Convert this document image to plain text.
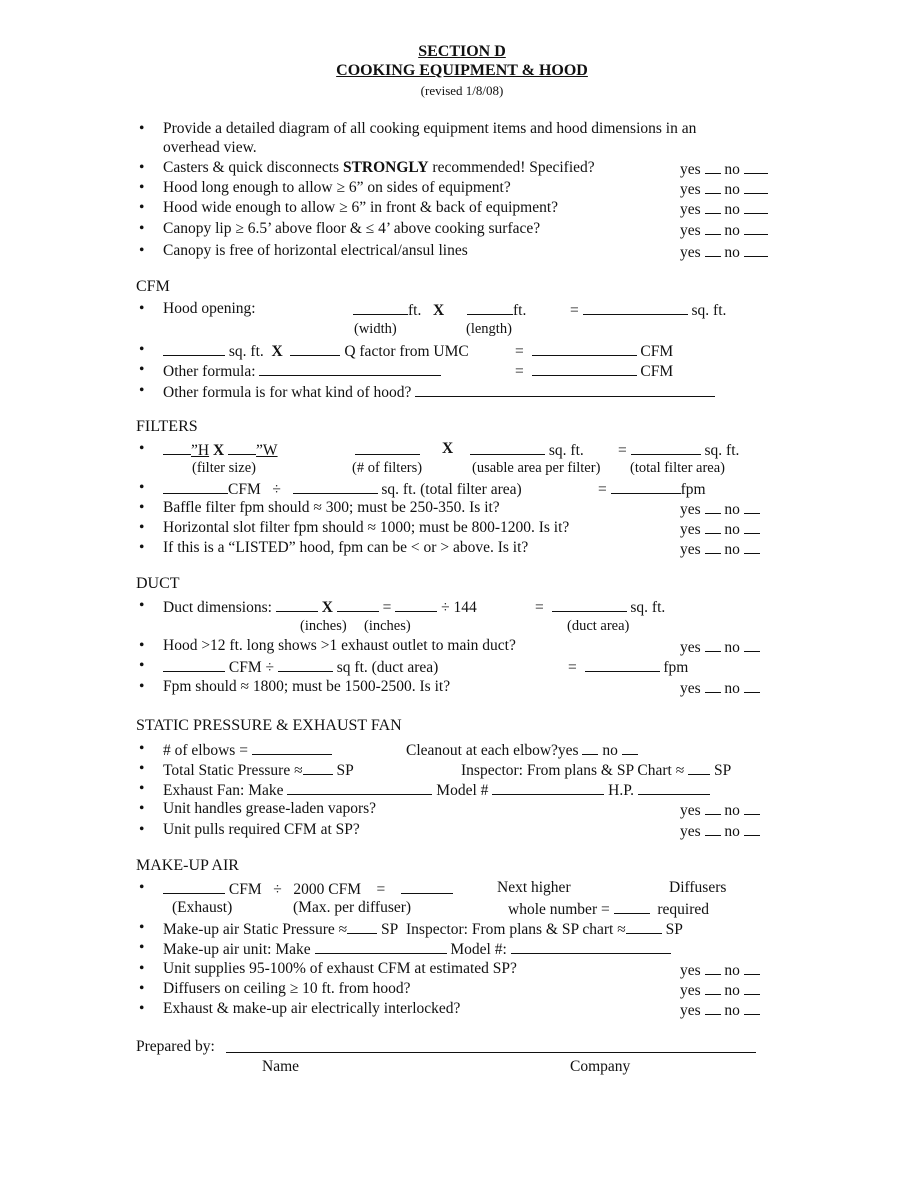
SECTION D
COOKING EQUIPMENT & HOOD
(revised 1/8/08)
• Provide a detailed diagram of all cooking equipment items and hood dimensions in an
overhead view.
• Casters & quick disconnects STRONGLY recommended! Specified?	yes no
• Hood long enough to allow ≥ 6” on sides of equipment?	yes no
• Hood wide enough to allow ≥ 6” in front & back of equipment?	yes no
• Canopy lip ≥ 6.5’ above floor & ≤ 4’ above cooking surface?	yes no
• Canopy is free of horizontal electrical/ansul lines	yes no
CFM
• Hood opening:	ft. X	ft.	=	sq. ft.
(width)	(length)
•	sq. ft. X	Q factor from UMC	=	CFM
• Other formula:	=	CFM
• Other formula is for what kind of hood?
FILTERS
•	”H X ”W	X	sq. ft. =	sq. ft.
(filter size)	(# of filters)	(usable area per filter) (total filter area)
•	CFM ÷	sq. ft. (total filter area)	=	fpm
• Baffle filter fpm should ≈ 300; must be 250-350. Is it?	yes no
• Horizontal slot filter fpm should ≈ 1000; must be 800-1200. Is it?	yes no
• If this is a “LISTED” hood, fpm can be < or > above. Is it?	yes no
DUCT
• Duct dimensions:	X	=	÷ 144	=	sq. ft.
(inches) (inches)	(duct area)
• Hood >12 ft. long shows >1 exhaust outlet to main duct?	yes no
•	CFM ÷	sq ft. (duct area)	=	fpm
• Fpm should ≈ 1800; must be 1500-2500. Is it?	yes no
STATIC PRESSURE & EXHAUST FAN
• # of elbows =	Cleanout at each elbow?yes no
• Total Static Pressure ≈ SP	Inspector: From plans & SP Chart ≈ SP
• Exhaust Fan: Make	Model #	H.P.
• Unit handles grease-laden vapors?	yes no
• Unit pulls required CFM at SP?	yes no
MAKE-UP AIR
•	CFM ÷ 2000 CFM =	Next higher	Diffusers
(Exhaust)	(Max. per diffuser)	whole number =	required
• Make-up air Static Pressure ≈ SP Inspector: From plans & SP chart ≈	SP
• Make-up air unit: Make	Model #:
• Unit supplies 95-100% of exhaust CFM at estimated SP?	yes no
• Diffusers on ceiling ≥ 10 ft. from hood?	yes no
• Exhaust & make-up air electrically interlocked?	yes no
Prepared by:
Name	Company
